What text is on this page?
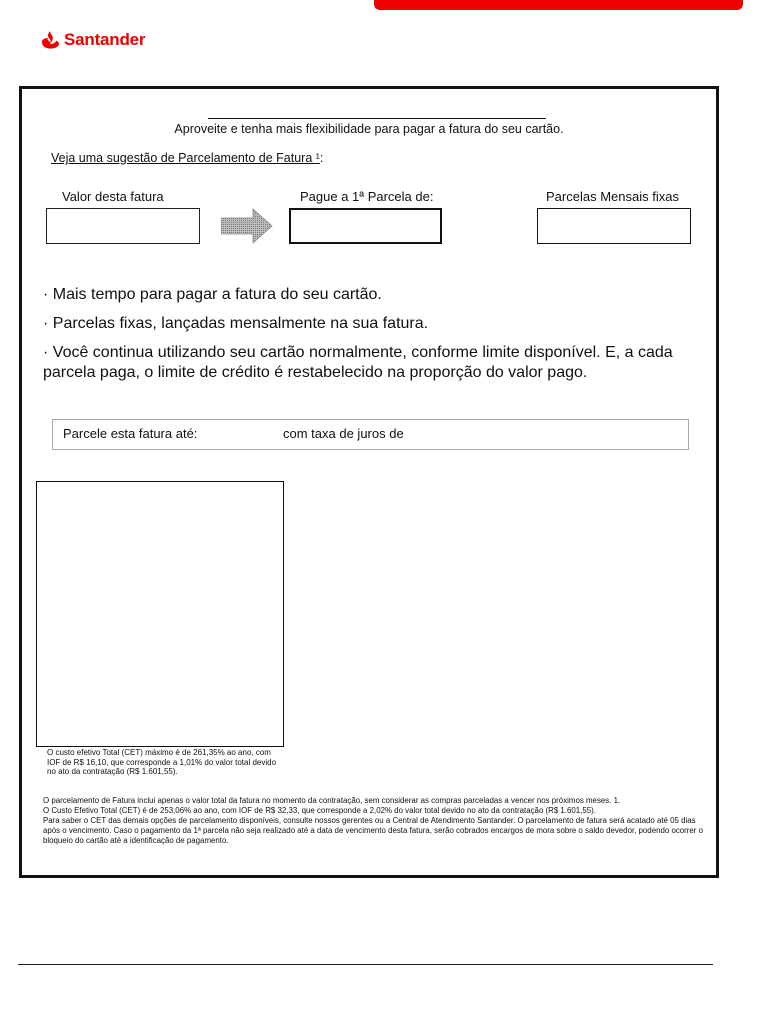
Santander
Aproveite e tenha mais flexibilidade para pagar a fatura do seu cartão.
Veja uma sugestão de Parcelamento de Fatura ¹:
Valor desta fatura	Pague a 1ª Parcela de:	Parcelas Mensais fixas
· Mais tempo para pagar a fatura do seu cartão.
· Parcelas fixas, lançadas mensalmente na sua fatura.
· Você continua utilizando seu cartão normalmente, conforme limite disponível. E, a cada parcela paga, o limite de crédito é restabelecido na proporção do valor pago.
Parcele esta fatura até:	com taxa de juros de
O custo efetivo Total (CET) máximo é de 261,35% ao ano, com IOF de R$ 16,10, que corresponde a 1,01% do valor total devido no ato da contratação (R$ 1.601,55).

O parcelamento de Fatura inclui apenas o valor total da fatura no momento da contratação, sem considerar as compras parceladas a vencer nos próximos meses. 1.

O Custo Efetivo Total (CET) é de 253,06% ao ano, com IOF de R$ 32,33, que corresponde a 2,02% do valor total devido no ato da contratação (R$ 1.601,55).

Para saber o CET das demais opções de parcelamento disponíveis, consulte nossos gerentes ou a Central de Atendimento Santander. O parcelamento de fatura será acatado até 05 dias após o vencimento. Caso o pagamento da 1ª parcela não seja realizado até a data de vencimento desta fatura, serão cobrados encargos de mora sobre o saldo devedor, podendo ocorrer o bloqueio do cartão até a identificação de pagamento.
